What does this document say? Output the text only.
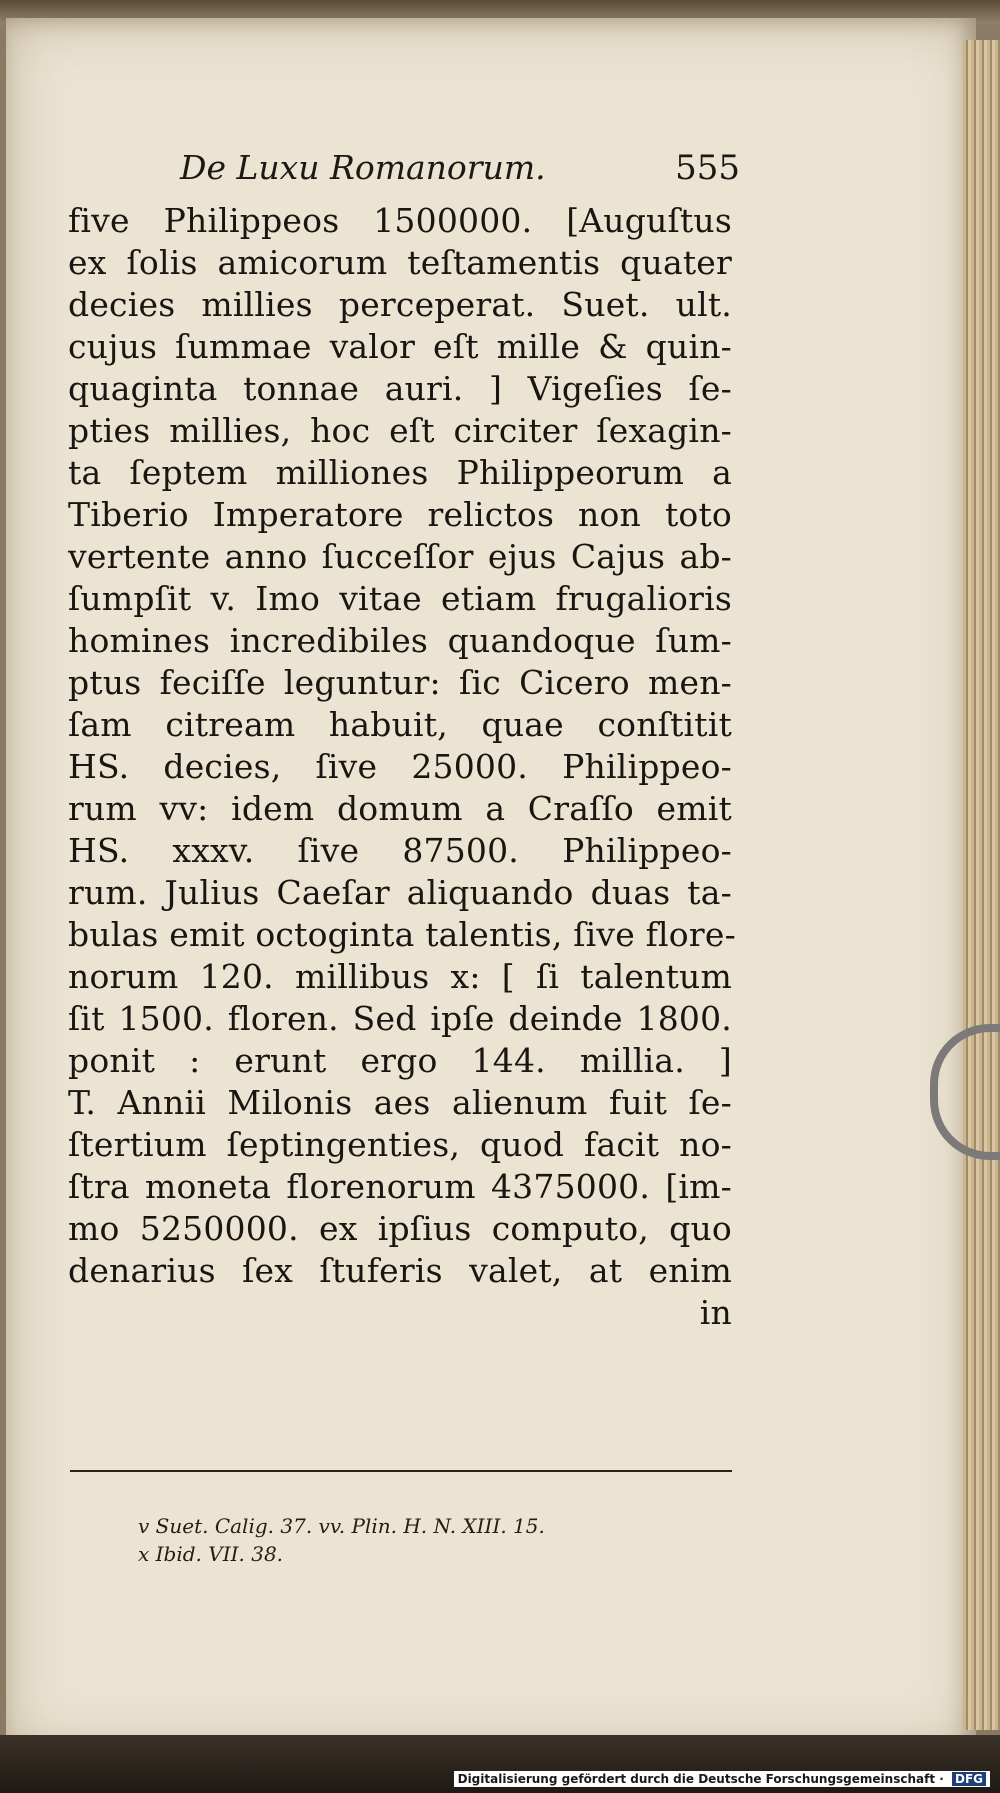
De Luxu Romanorum.	555
five Philippeos 1500000. [Auguſtus
ex ſolis amicorum teſtamentis quater
decies millies perceperat. Suet. ult.
cujus ſummae valor eſt mille & quin-
quaginta tonnae auri. ] Vigeſies ſe-
pties millies, hoc eſt circiter ſexagin-
ta ſeptem milliones Philippeorum a
Tiberio Imperatore relictos non toto
vertente anno ſucceſſor ejus Cajus ab-
ſumpſit v. Imo vitae etiam frugalioris
homines incredibiles quandoque ſum-
ptus feciſſe leguntur: ſic Cicero men-
ſam citream habuit, quae conſtitit
HS. decies, ſive 25000. Philippeo-
rum vv: idem domum a Craſſo emit
HS. xxxv. ſive 87500. Philippeo-
rum. Julius Caeſar aliquando duas ta-
bulas emit octoginta talentis, ſive flore-
norum 120. millibus x: [ ſi talentum
ſit 1500. floren. Sed ipſe deinde 1800.
ponit : erunt ergo 144. millia. ]
T. Annii Milonis aes alienum fuit ſe-
ſtertium ſeptingenties, quod facit no-
ſtra moneta florenorum 4375000. [im-
mo 5250000. ex ipſius computo, quo
denarius ſex ſtuferis valet, at enim
in
v Suet. Calig. 37. vv. Plin. H. N. XIII. 15.
x Ibid. VII. 38.
Digitalisierung gefördert durch die Deutsche Forschungsgemeinschaft · DFG
